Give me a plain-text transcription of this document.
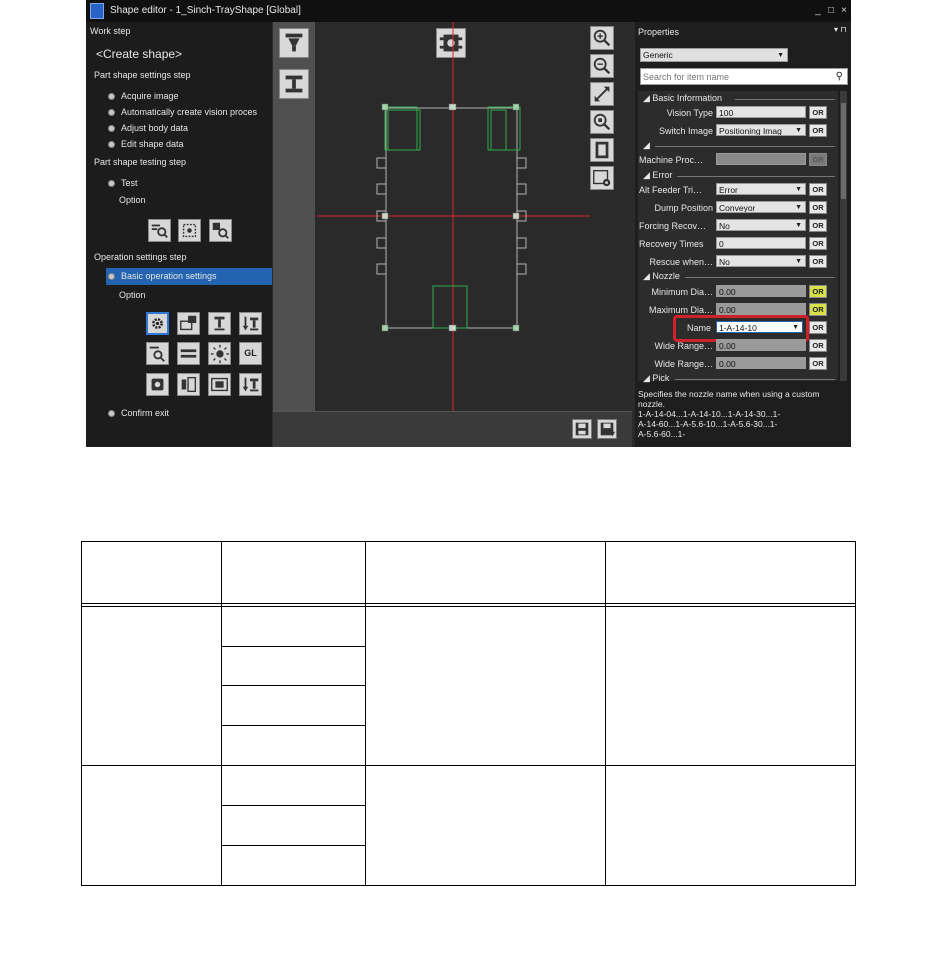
Shape editor - 1_Sinch-TrayShape [Global]	_ □ ×
Work step
<Create shape>
Part shape settings step
Acquire image
Automatically create vision proces
Adjust body data
Edit shape data
Part shape testing step
Test
Option
Operation settings step
Basic operation settings
Option
GL
Confirm exit
Properties	▾ ⊓
Generic	▼
Search for item name	⚲
◢ Basic Information
Vision Type 100	OR
Switch Image Positioning Imag ▼	OR
◢
Machine Proc…	OR
◢ Error
Alt Feeder Tri…	Error	▼	OR
Dump Position Conveyor	▼	OR
Forcing Recov…	No	▼	OR
Recovery Times	0	OR
Rescue when… No	▼	OR
◢ Nozzle
Minimum Dia… 0.00	OR
Maximum Dia… 0.00	OR
Name 1-A-14-10	▼	OR
Wide Range… 0.00	OR
Wide Range… 0.00	OR
◢ Pick
Specifies the nozzle name when using a custom nozzle.
1-A-14-04...1-A-14-10...1-A-14-30...1-
A-14-60...1-A-5.6-10...1-A-5.6-30...1-
A-5.6-60...1-
